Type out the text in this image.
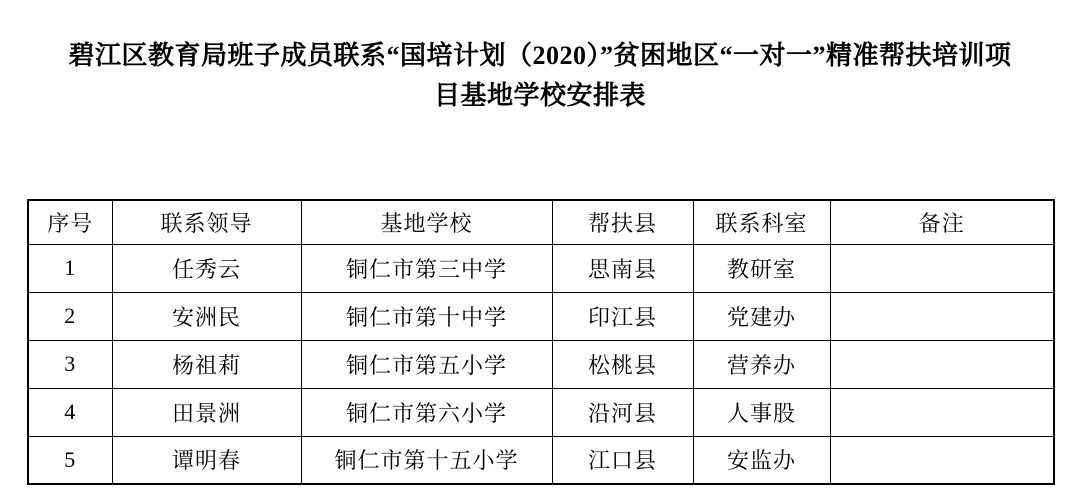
碧江区教育局班子成员联系“国培计划（2020）”贫困地区“一对一”精准帮扶培训项
目基地学校安排表
序号	联系领导	基地学校	帮扶县	联系科室	备注
1	任秀云	铜仁市第三中学	思南县	教研室	
2	安洲民	铜仁市第十中学	印江县	党建办	
3	杨祖莉	铜仁市第五小学	松桃县	营养办	
4	田景洲	铜仁市第六小学	沿河县	人事股	
5	谭明春	铜仁市第十五小学	江口县	安监办	
